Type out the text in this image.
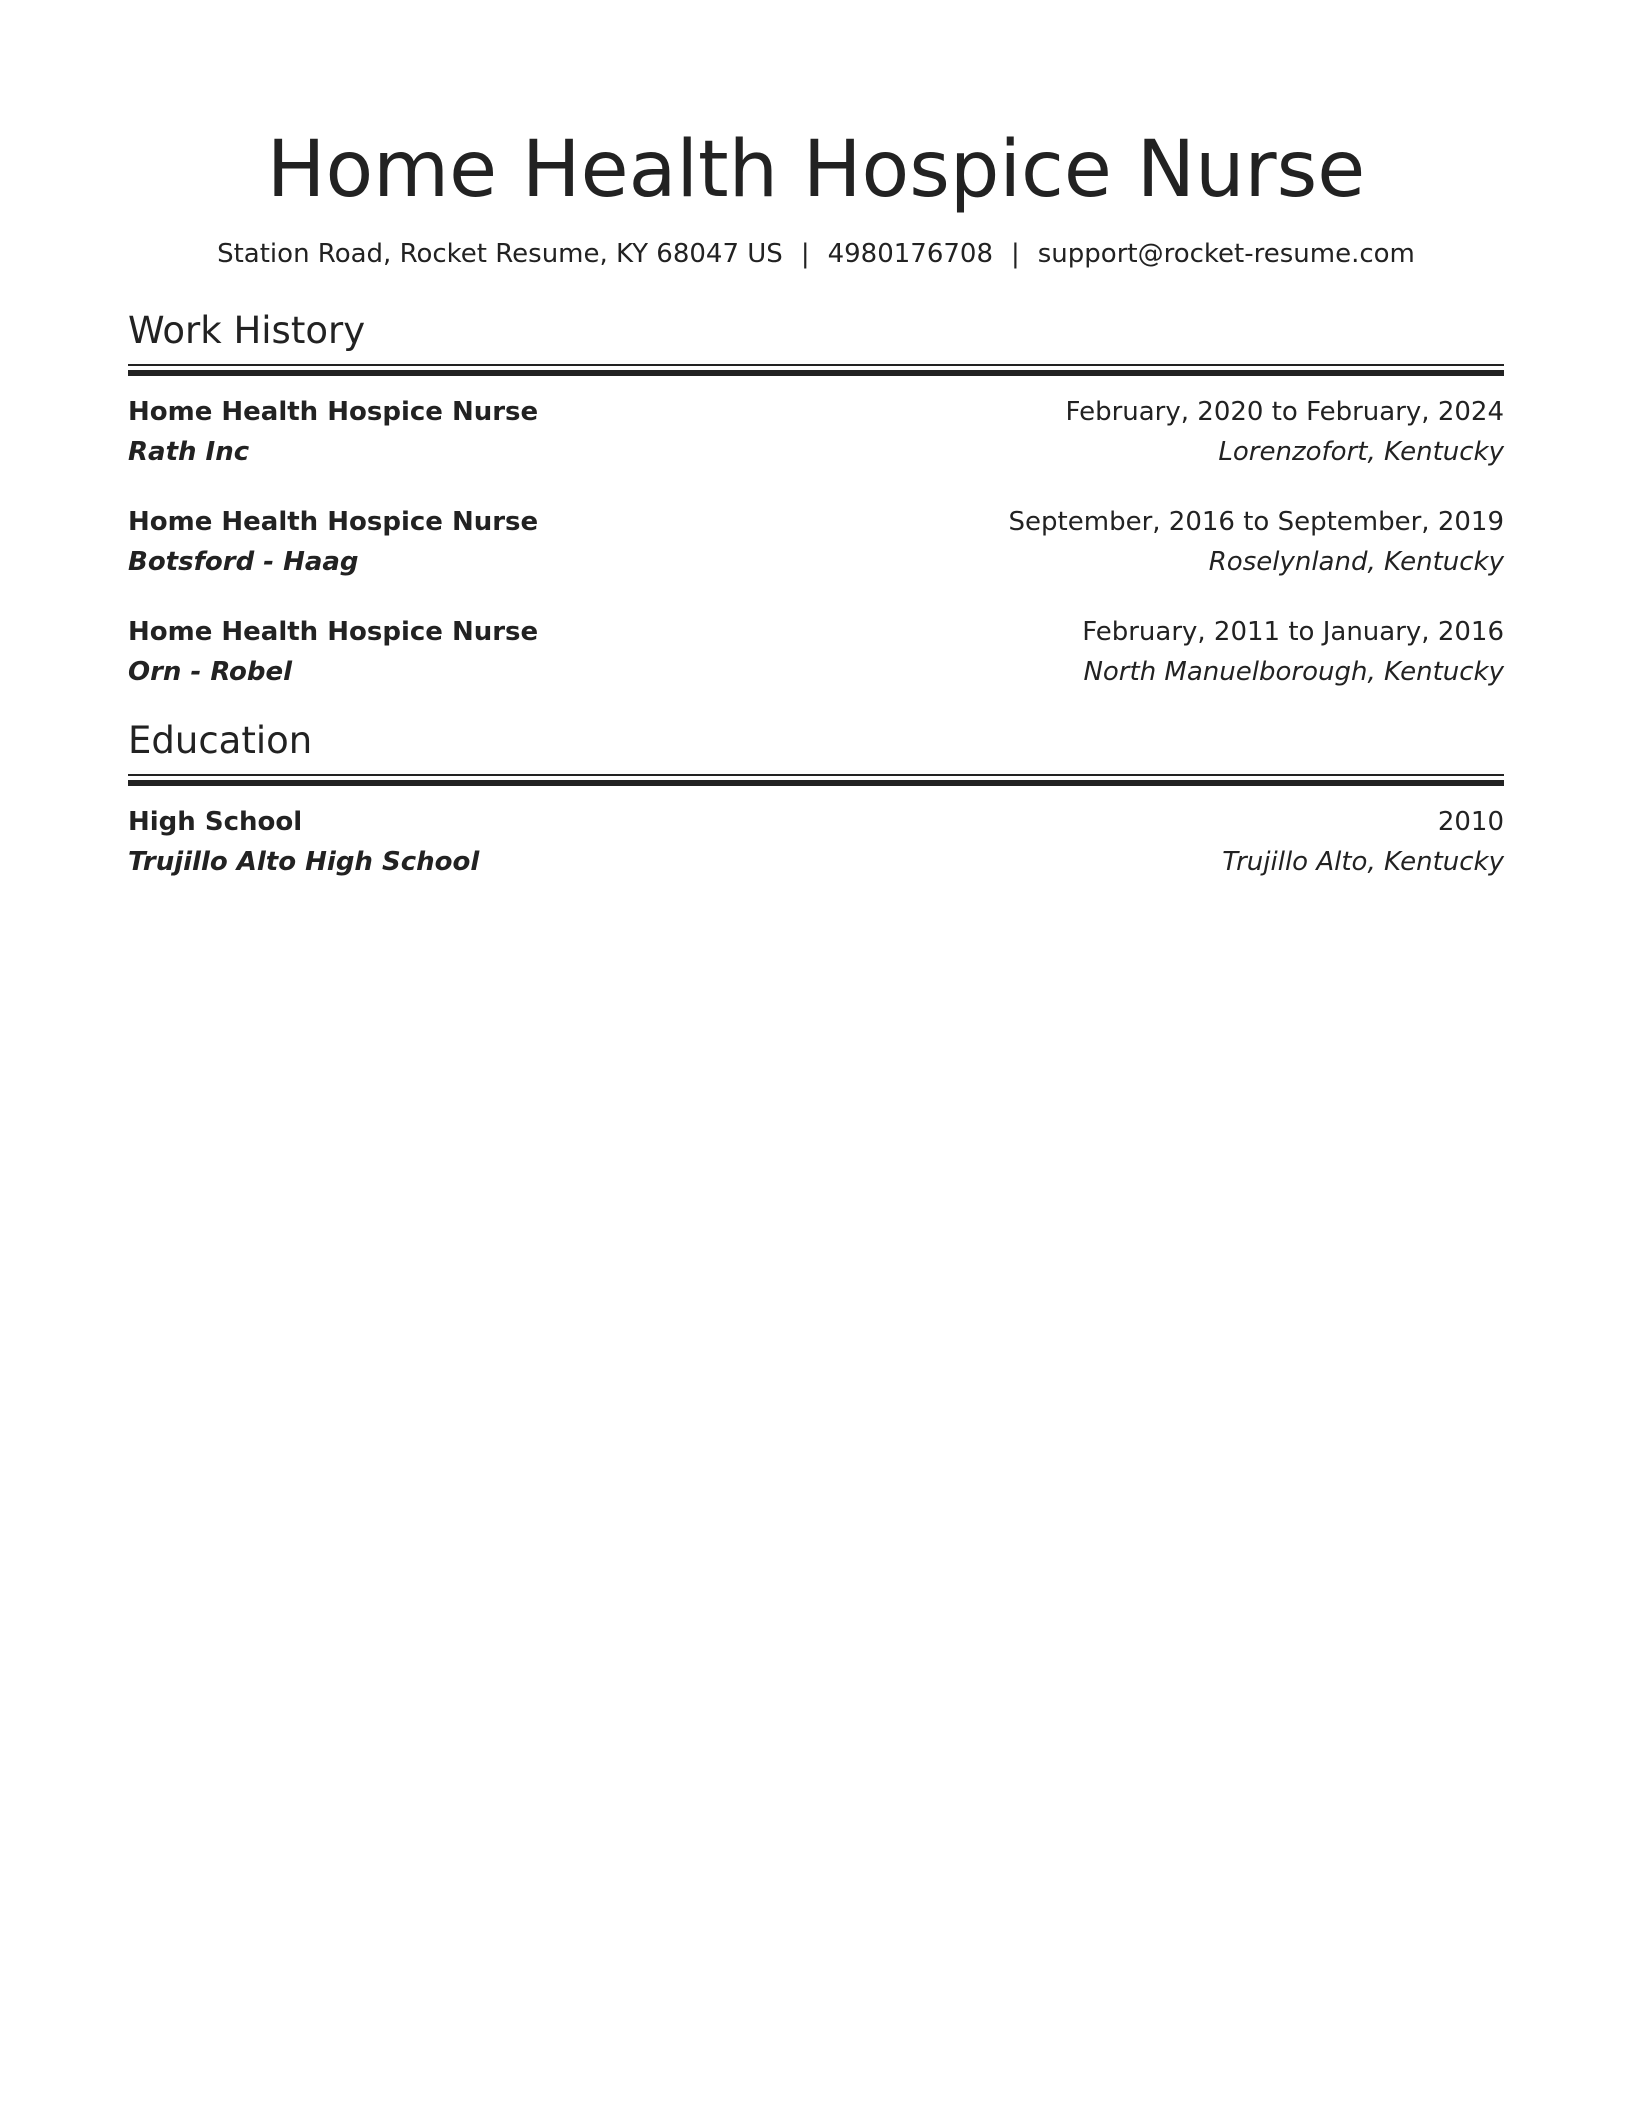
Home Health Hospice Nurse
Station Road, Rocket Resume, KY 68047 US | 4980176708 | support@rocket-resume.com
Work History
Home Health Hospice Nurse	February, 2020 to February, 2024
Rath Inc	Lorenzofort, Kentucky
Home Health Hospice Nurse	September, 2016 to September, 2019
Botsford - Haag	Roselynland, Kentucky
Home Health Hospice Nurse	February, 2011 to January, 2016
Orn - Robel	North Manuelborough, Kentucky
Education
High School	2010
Trujillo Alto High School	Trujillo Alto, Kentucky
